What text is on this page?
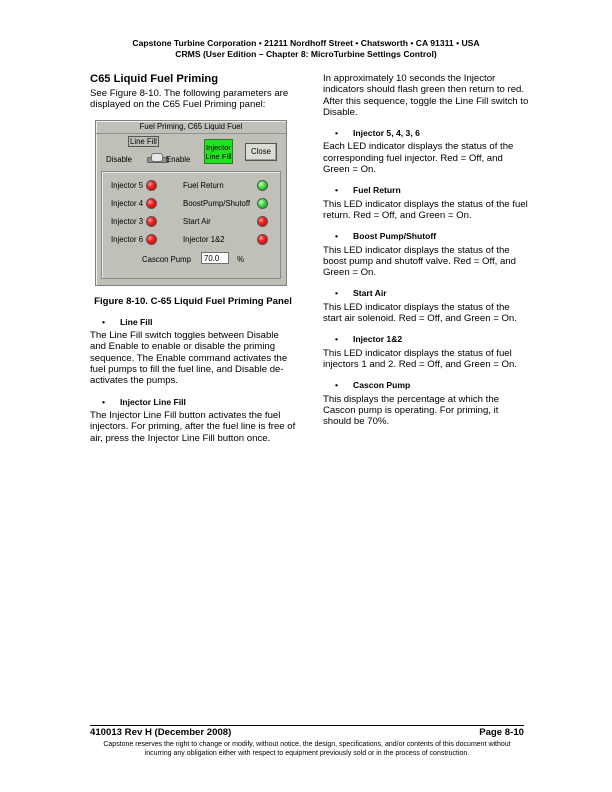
Capstone Turbine Corporation • 21211 Nordhoff Street • Chatsworth • CA 91311 • USA
CRMS (User Edition – Chapter 8: MicroTurbine Settings Control)
C65 Liquid Fuel Priming

See Figure 8-10. The following parameters are displayed on the C65 Fuel Priming panel:

Fuel Priming, C65 Liquid Fuel
Line Fill
Disable	Enable
Injector
Line Fill
Close
Injector 5
Injector 4
Injector 3
Injector 6
Fuel Return
BoostPump/Shutoff
Start Air
Injector 1&2
Cascon Pump	70.0	%
Figure 8-10. C-65 Liquid Fuel Priming Panel
•	Line Fill

The Line Fill switch toggles between Disable and Enable to enable or disable the priming sequence. The Enable command activates the fuel pumps to fill the fuel line, and Disable de-activates the pumps.

•	Injector Line Fill

The Injector Line Fill button activates the fuel injectors. For priming, after the fuel line is free of air, press the Injector Line Fill button once.

In approximately 10 seconds the Injector indicators should flash green then return to red. After this sequence, toggle the Line Fill switch to Disable.

•	Injector 5, 4, 3, 6

Each LED indicator displays the status of the corresponding fuel injector. Red = Off, and Green = On.

•	Fuel Return

This LED indicator displays the status of the fuel return. Red = Off, and Green = On.

•	Boost Pump/Shutoff

This LED indicator displays the status of the boost pump and shutoff valve. Red = Off, and Green = On.

•	Start Air

This LED indicator displays the status of the start air solenoid. Red = Off, and Green = On.

•	Injector 1&2

This LED indicator displays the status of fuel injectors 1 and 2. Red = Off, and Green = On.

•	Cascon Pump

This displays the percentage at which the Cascon pump is operating. For priming, it should be 70%.

410013 Rev H (December 2008)	Page 8-10
Capstone reserves the right to change or modify, without notice, the design, specifications, and/or contents of this document without incurring any obligation either with respect to equipment previously sold or in the process of construction.
